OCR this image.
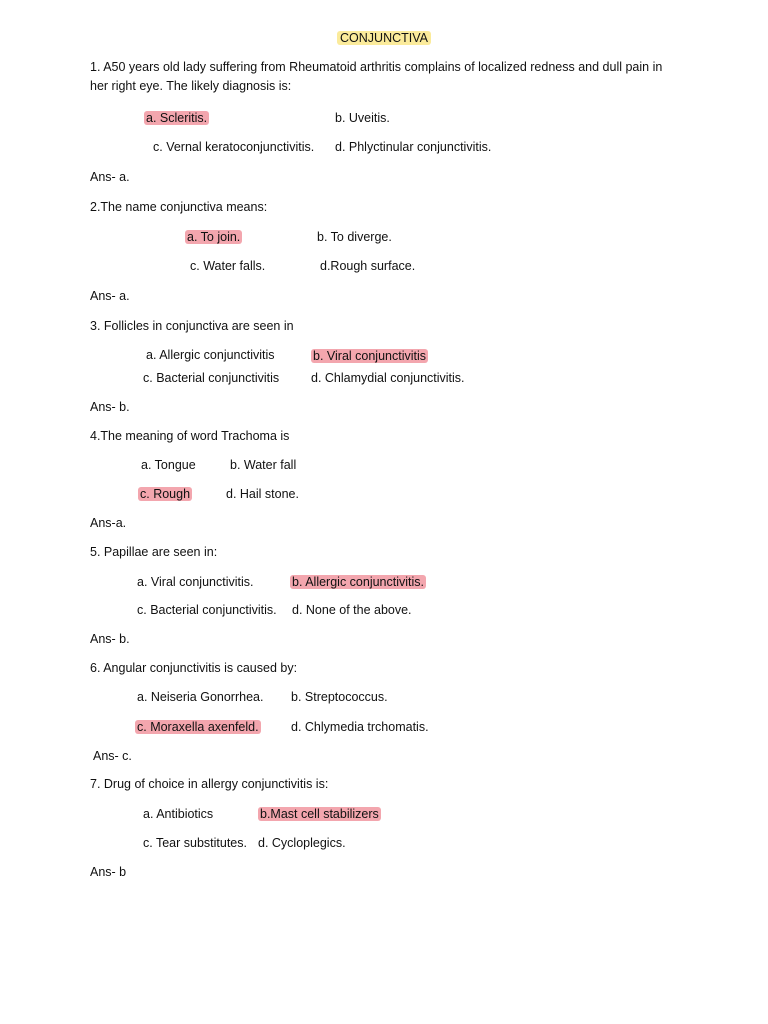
CONJUNCTIVA
1. A50 years old lady suffering from Rheumatoid arthritis complains of localized redness and dull pain in
her right eye. The likely diagnosis is:
a. Scleritis.	b. Uveitis.
c. Vernal keratoconjunctivitis. d. Phlyctinular conjunctivitis.
Ans- a.
2.The name conjunctiva means:
a. To join.	b. To diverge.
c. Water falls.	d.Rough surface.
Ans- a.
3. Follicles in conjunctiva are seen in
a. Allergic conjunctivitis	b. Viral conjunctivitis
c. Bacterial conjunctivitis	d. Chlamydial conjunctivitis.
Ans- b.
4.The meaning of word Trachoma is
a. Tongue	b. Water fall
c. Rough	d. Hail stone.
Ans-a.
5. Papillae are seen in:
a. Viral conjunctivitis.	b. Allergic conjunctivitis.
c. Bacterial conjunctivitis. d. None of the above.
Ans- b.
6. Angular conjunctivitis is caused by:
a. Neiseria Gonorrhea. b. Streptococcus.
c. Moraxella axenfeld.	d. Chlymedia trchomatis.
Ans- c.
7. Drug of choice in allergy conjunctivitis is:
a. Antibiotics	b.Mast cell stabilizers
c. Tear substitutes. d. Cycloplegics.
Ans- b
